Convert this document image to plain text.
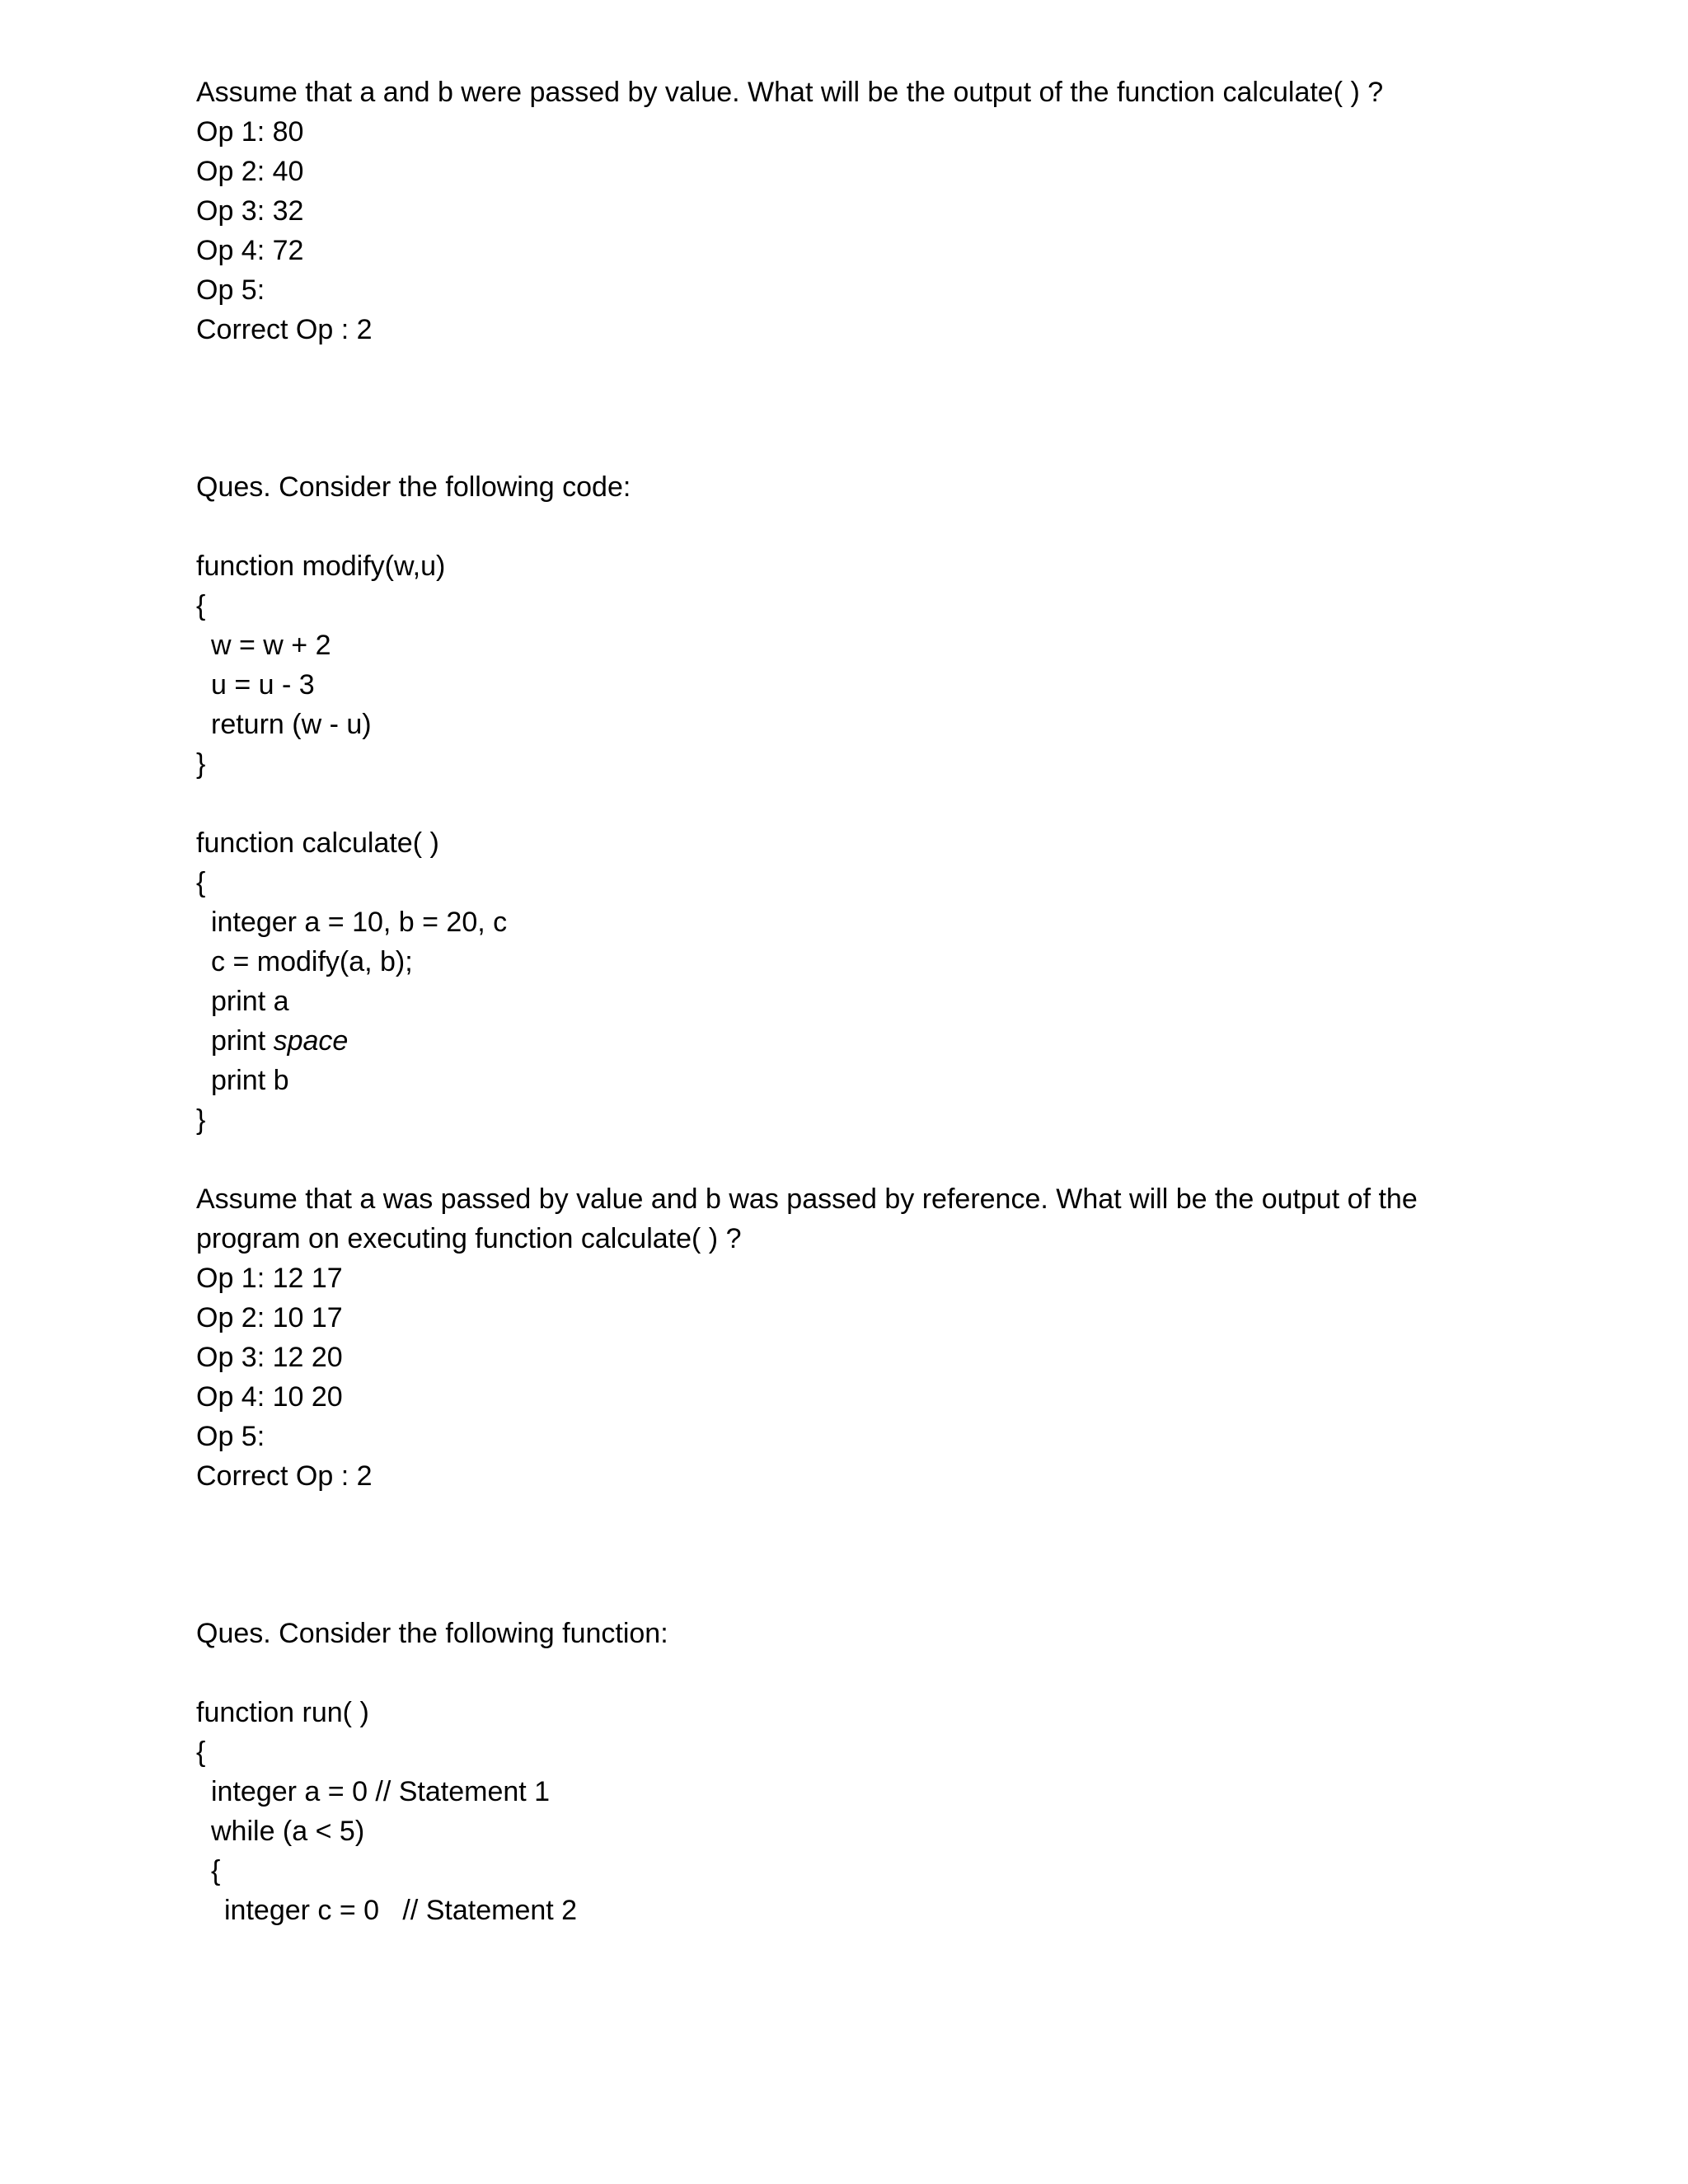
Assume that a and b were passed by value. What will be the output of the function calculate( ) ?
Op 1: 80
Op 2: 40
Op 3: 32
Op 4: 72
Op 5:
Correct Op : 2
Ques. Consider the following code:
function modify(w,u)
{
w = w + 2
u = u - 3
return (w - u)
}
function calculate( )
{
integer a = 10, b = 20, c
c = modify(a, b);
print a
print space
print b
}
Assume that a was passed by value and b was passed by reference. What will be the output of the
program on executing function calculate( ) ?
Op 1: 12 17
Op 2: 10 17
Op 3: 12 20
Op 4: 10 20
Op 5:
Correct Op : 2
Ques. Consider the following function:
function run( )
{
integer a = 0 // Statement 1
while (a < 5)
{
integer c = 0   // Statement 2
